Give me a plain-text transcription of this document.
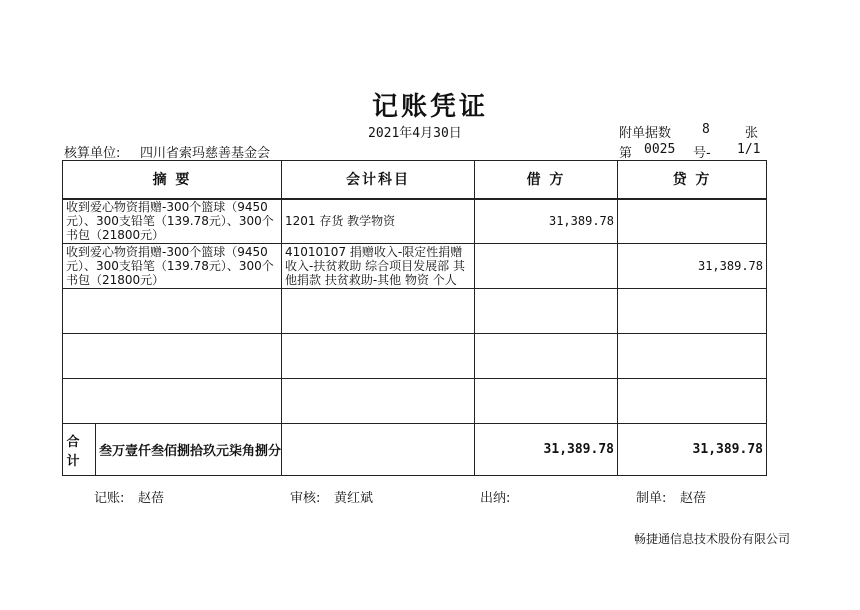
记账凭证
2021年4月30日	附单据数 8	张
核算单位: 四川省索玛慈善基金会	第 0025 号- 1/1
摘 要	会计科目	借 方	贷 方

收到爱心物资捐赠-300个篮球（9450元）、300支铅笔（139.78元）、300个书包（21800元）	1201 存货 教学物资	31,389.78	

收到爱心物资捐赠-300个篮球（9450元）、300支铅笔（139.78元）、300个书包（21800元）	41010107 捐赠收入-限定性捐赠收入-扶贫救助 综合项目发展部 其他捐款 扶贫救助-其他 物资 个人		31,389.78

合计
叁万壹仟叁佰捌拾玖元柒角捌分		31,389.78	31,389.78
记账: 赵蓓	审核: 黄红斌	出纳:	制单: 赵蓓
畅捷通信息技术股份有限公司
